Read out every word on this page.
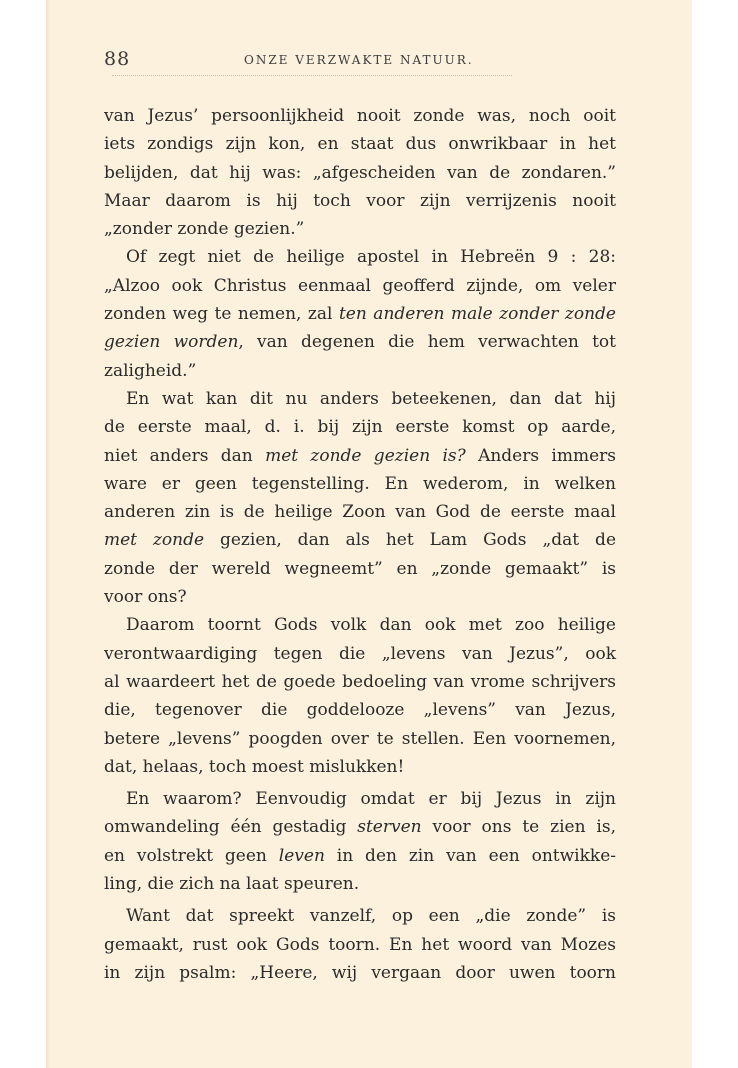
88	ONZE VERZWAKTE NATUUR.
van Jezus’ persoonlijkheid nooit zonde was, noch ooit
iets zondigs zijn kon, en staat dus onwrikbaar in het
belijden, dat hij was: „afgescheiden van de zondaren.”
Maar daarom is hij toch voor zijn verrijzenis nooit
„zonder zonde gezien.”
Of zegt niet de heilige apostel in Hebreën 9 : 28:
„Alzoo ook Christus eenmaal geofferd zijnde, om veler
zonden weg te nemen, zal ten anderen male zonder zonde
gezien worden, van degenen die hem verwachten tot
zaligheid.”
En wat kan dit nu anders beteekenen, dan dat hij
de eerste maal, d. i. bij zijn eerste komst op aarde,
niet anders dan met zonde gezien is? Anders immers
ware er geen tegenstelling. En wederom, in welken
anderen zin is de heilige Zoon van God de eerste maal
met zonde gezien, dan als het Lam Gods „dat de
zonde der wereld wegneemt” en „zonde gemaakt” is
voor ons?
Daarom toornt Gods volk dan ook met zoo heilige
verontwaardiging tegen die „levens van Jezus”, ook
al waardeert het de goede bedoeling van vrome schrijvers
die, tegenover die goddelooze „levens” van Jezus,
betere „levens” poogden over te stellen. Een voornemen,
dat, helaas, toch moest mislukken!
En waarom? Eenvoudig omdat er bij Jezus in zijn
omwandeling één gestadig sterven voor ons te zien is,
en volstrekt geen leven in den zin van een ontwikke-
ling, die zich na laat speuren.
Want dat spreekt vanzelf, op een „die zonde” is
gemaakt, rust ook Gods toorn. En het woord van Mozes
in zijn psalm: „Heere, wij vergaan door uwen toorn
